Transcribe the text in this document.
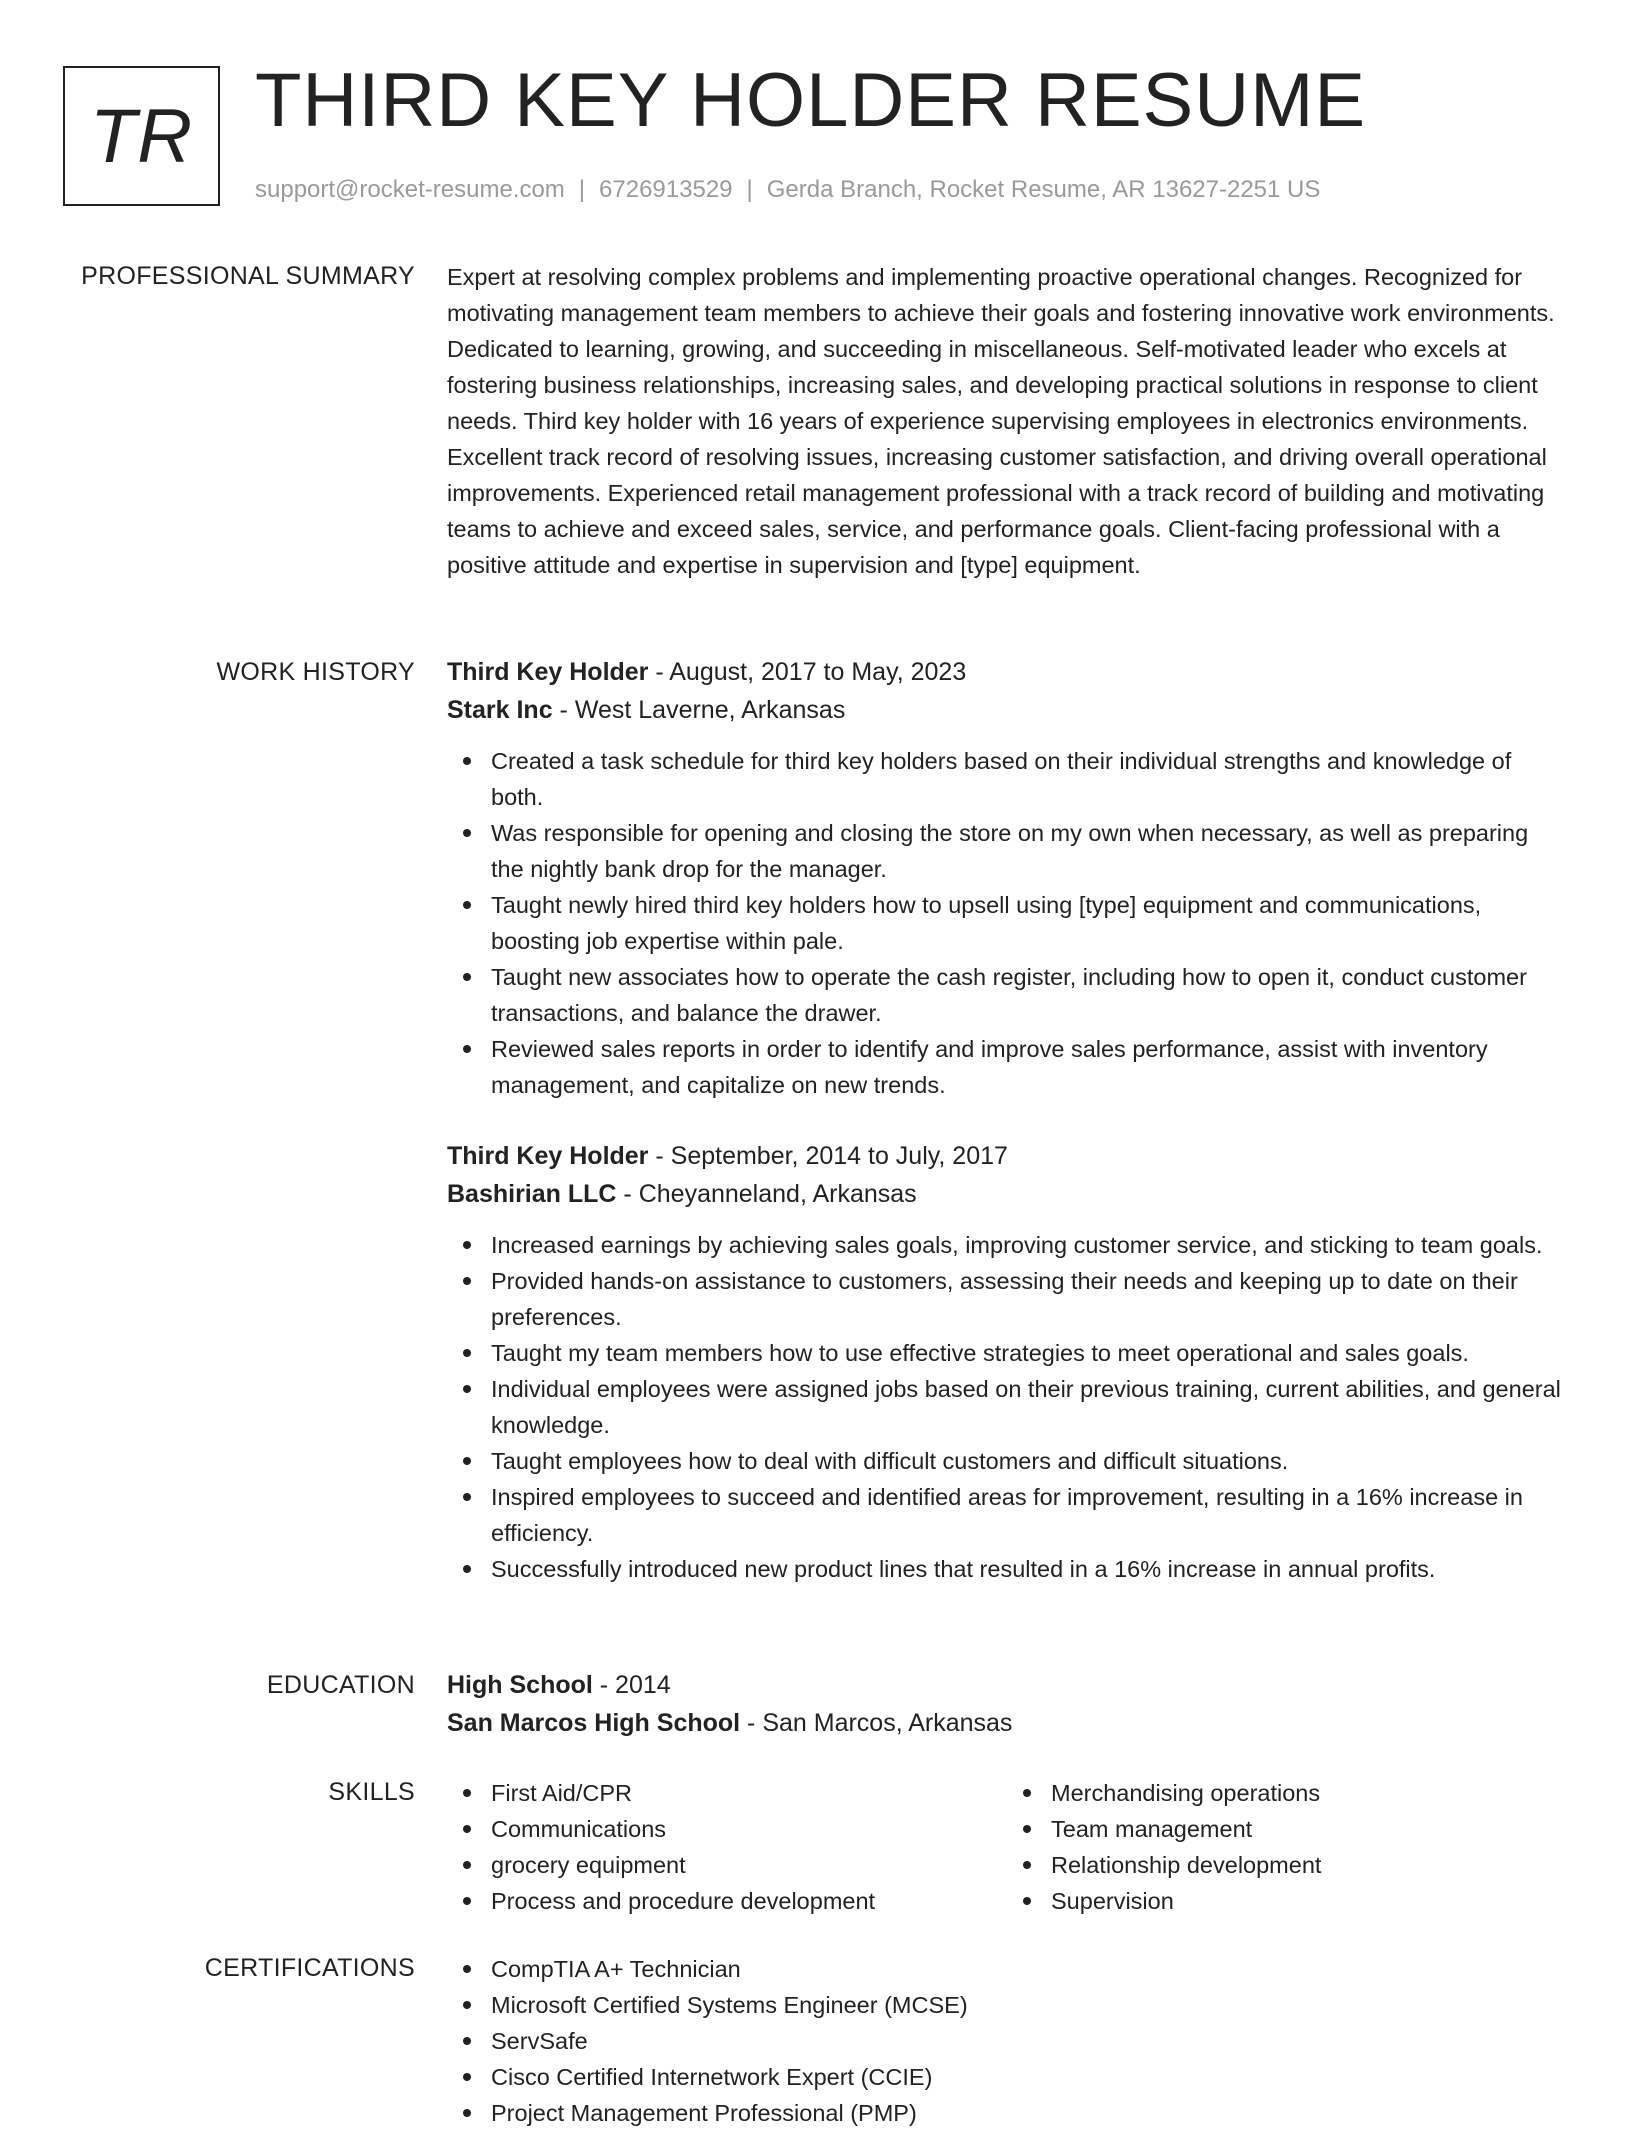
TR THIRD KEY HOLDER RESUME
support@rocket-resume.com | 6726913529 | Gerda Branch, Rocket Resume, AR 13627-2251 US
PROFESSIONAL SUMMARY Expert at resolving complex problems and implementing proactive operational changes. Recognized for motivating management team members to achieve their goals and fostering innovative work environments. Dedicated to learning, growing, and succeeding in miscellaneous. Self-motivated leader who excels at fostering business relationships, increasing sales, and developing practical solutions in response to client needs. Third key holder with 16 years of experience supervising employees in electronics environments. Excellent track record of resolving issues, increasing customer satisfaction, and driving overall operational improvements. Experienced retail management professional with a track record of building and motivating teams to achieve and exceed sales, service, and performance goals. Client-facing professional with a positive attitude and expertise in supervision and [type] equipment.

WORK HISTORY Third Key Holder - August, 2017 to May, 2023
Stark Inc - West Laverne, Arkansas
Created a task schedule for third key holders based on their individual strengths and knowledge of both.
Was responsible for opening and closing the store on my own when necessary, as well as preparing the nightly bank drop for the manager.
Taught newly hired third key holders how to upsell using [type] equipment and communications, boosting job expertise within pale.
Taught new associates how to operate the cash register, including how to open it, conduct customer transactions, and balance the drawer.
Reviewed sales reports in order to identify and improve sales performance, assist with inventory management, and capitalize on new trends.
Third Key Holder - September, 2014 to July, 2017
Bashirian LLC - Cheyanneland, Arkansas
Increased earnings by achieving sales goals, improving customer service, and sticking to team goals.
Provided hands-on assistance to customers, assessing their needs and keeping up to date on their preferences.
Taught my team members how to use effective strategies to meet operational and sales goals.
Individual employees were assigned jobs based on their previous training, current abilities, and general knowledge.
Taught employees how to deal with difficult customers and difficult situations.
Inspired employees to succeed and identified areas for improvement, resulting in a 16% increase in efficiency.
Successfully introduced new product lines that resulted in a 16% increase in annual profits.
EDUCATION High School - 2014
San Marcos High School - San Marcos, Arkansas
SKILLS	First Aid/CPR
Communications
grocery equipment
Process and procedure development
Merchandising operations
Team management
Relationship development
Supervision
CERTIFICATIONS	CompTIA A+ Technician
Microsoft Certified Systems Engineer (MCSE)
ServSafe
Cisco Certified Internetwork Expert (CCIE)
Project Management Professional (PMP)
